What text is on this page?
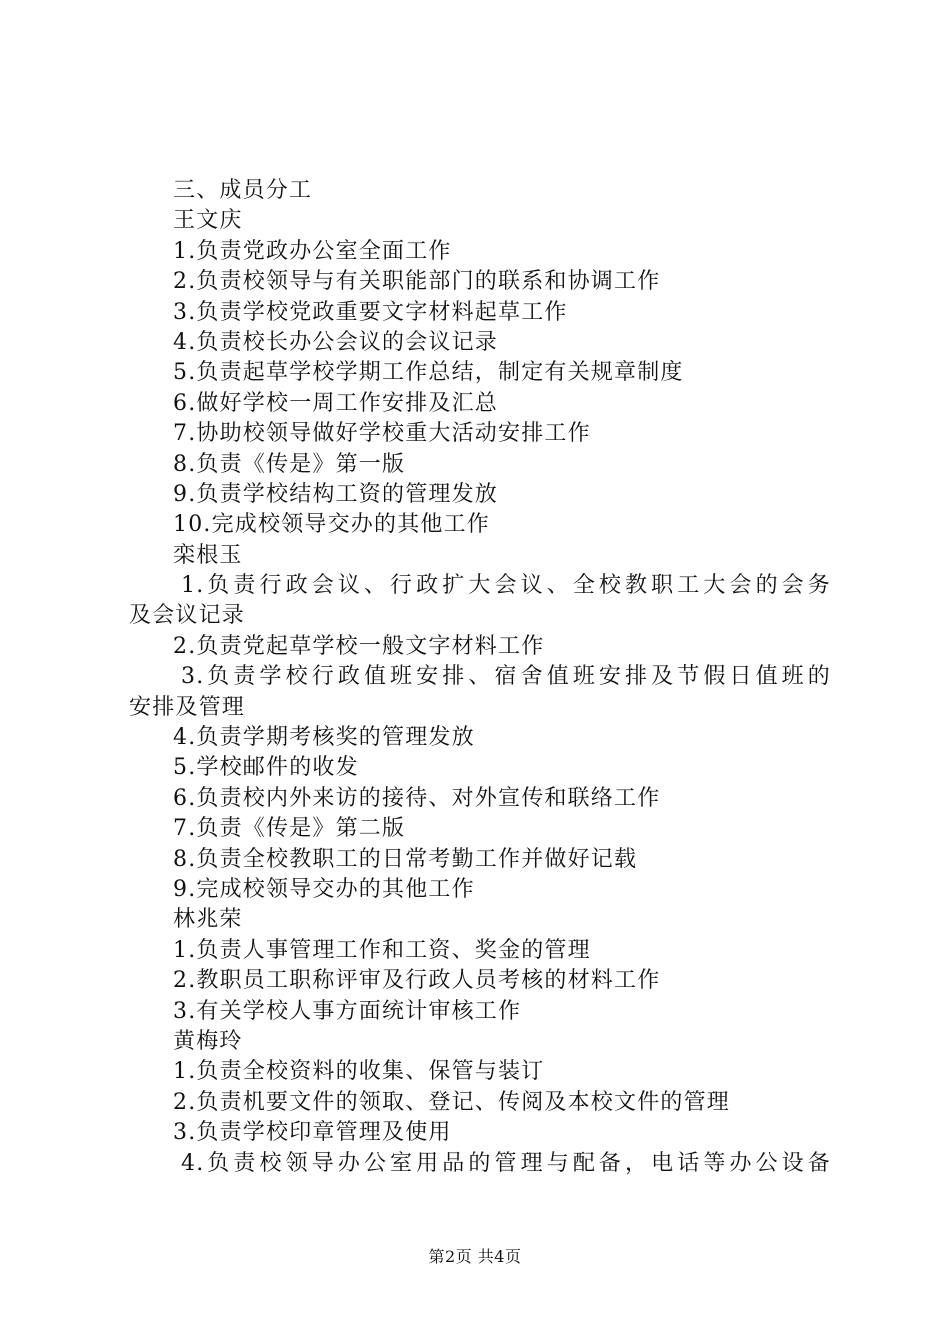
三、成员分工
王文庆
1.负责党政办公室全面工作
2.负责校领导与有关职能部门的联系和协调工作
3.负责学校党政重要文字材料起草工作
4.负责校长办公会议的会议记录
5.负责起草学校学期工作总结，制定有关规章制度
6.做好学校一周工作安排及汇总
7.协助校领导做好学校重大活动安排工作
8.负责《传是》第一版
9.负责学校结构工资的管理发放
10.完成校领导交办的其他工作
栾根玉
1.负责行政会议、行政扩大会议、全校教职工大会的会务
及会议记录
2.负责党起草学校一般文字材料工作
3.负责学校行政值班安排、宿舍值班安排及节假日值班的
安排及管理
4.负责学期考核奖的管理发放
5.学校邮件的收发
6.负责校内外来访的接待、对外宣传和联络工作
7.负责《传是》第二版
8.负责全校教职工的日常考勤工作并做好记载
9.完成校领导交办的其他工作
林兆荣
1.负责人事管理工作和工资、奖金的管理
2.教职员工职称评审及行政人员考核的材料工作
3.有关学校人事方面统计审核工作
黄梅玲
1.负责全校资料的收集、保管与装订
2.负责机要文件的领取、登记、传阅及本校文件的管理
3.负责学校印章管理及使用
4.负责校领导办公室用品的管理与配备，电话等办公设备
第2页 共4页
